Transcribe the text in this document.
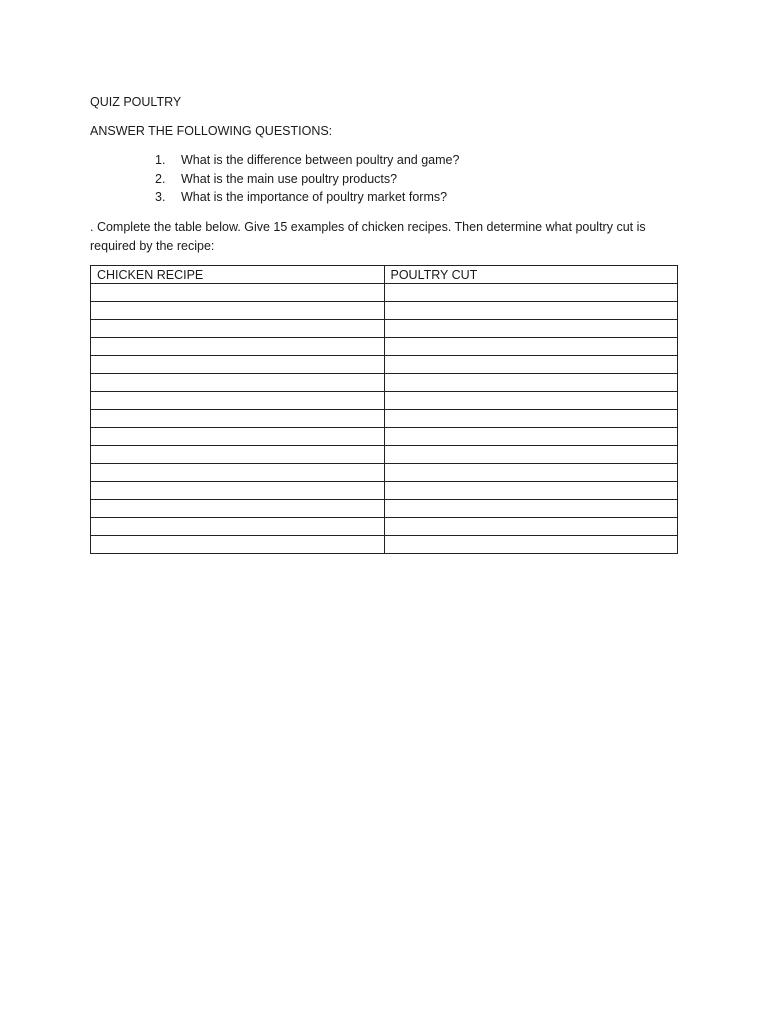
QUIZ POULTRY
ANSWER THE FOLLOWING QUESTIONS:
1. What is the difference between poultry and game?
2. What is the main use poultry products?
3. What is the importance of poultry market forms?
. Complete the table below. Give 15 examples of chicken recipes. Then determine what poultry cut is required by the recipe:
CHICKEN RECIPE	POULTRY CUT
